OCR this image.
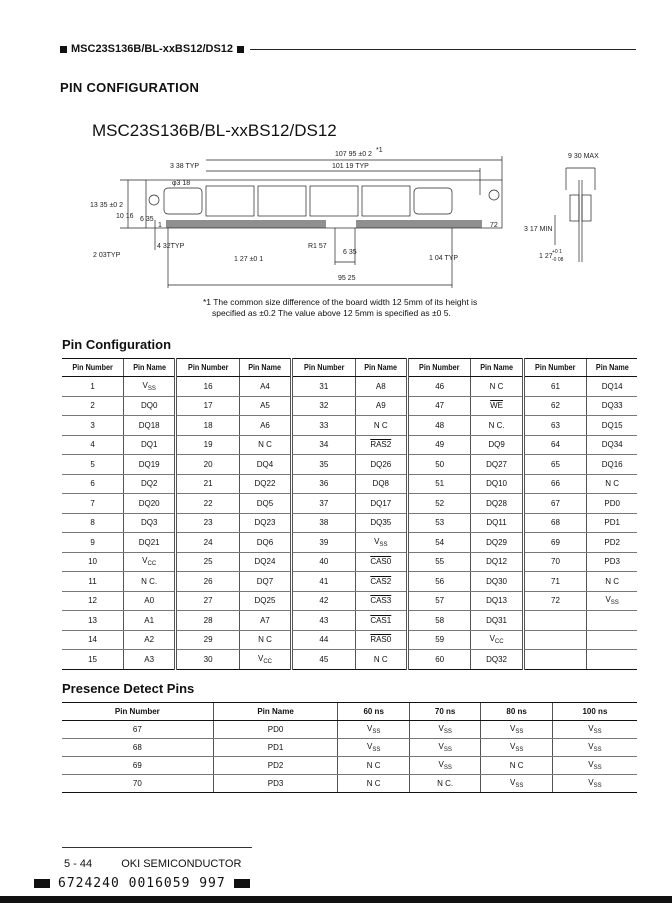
MSC23S136B/BL-xxBS12/DS12
PIN CONFIGURATION
MSC23S136B/BL-xxBS12/DS12
107 95 ±0 2
*1
101 19 TYP
3 38 TYP
φ3 18
13 35 ±0 2
10 16 6 35
1	72
2 03TYP
4 32TYP
1 27 ±0 1
R1 57
6 35
1 04 TYP
95 25
9 30 MAX
3 17 MIN
1 27
+0 1
-0 08
*1 The common size difference of the board width 12 5mm of its height is
specified as ±0.2 The value above 12 5mm is specified as ±0 5.
Pin Configuration
Pin Number	Pin Name	Pin Number	Pin Name	Pin Number	Pin Name	Pin Number	Pin Name	Pin Number	Pin Name
1	$V_{SS}$	16	A4	31	A8	46	N C	61	DQ14
2	DQ0	17	A5	32	A9	47	$\overline{WE}$	62	DQ33
3	DQ18	18	A6	33	N C	48	N C.	63	DQ15
4	DQ1	19	N C	34	RAS2	49	DQ9	64	DQ34
5	DQ19	20	DQ4	35	DQ26	50	DQ27	65	DQ16
6	DQ2	21	DQ22	36	DQ8	51	DQ10	66	N C
7	DQ20	22	DQ5	37	DQ17	52	DQ28	67	PD0
8	DQ3	23	DQ23	38	DQ35	53	DQ11	68	PD1
9	DQ21	24	DQ6	39	$V_{SS}$	54	DQ29	69	PD2
10	$V_{CC}$	25	DQ24	40	CAS0	55	DQ12	70	PD3
11	N C.	26	DQ7	41	CAS2	56	DQ30	71	N C
12	A0	27	DQ25	42	CAS3	57	DQ13	72	$V_{SS}$
13	A1	28	A7	43	CAS1	58	DQ31		
14	A2	29	N C	44	RAS0	59	$V_{CC}$		
15	A3	30	$V_{CC}$	45	N C	60	DQ32		
Presence Detect Pins
Pin Number	Pin Name	60 ns	70 ns	80 ns	100 ns
67	PD0	$V_{SS}$	$V_{SS}$	$V_{SS}$	$V_{SS}$
68	PD1	$V_{SS}$	$V_{SS}$	$V_{SS}$	$V_{SS}$
69	PD2	N C	$V_{SS}$	N C	$V_{SS}$
70	PD3	N C	N C.	$V_{SS}$	$V_{SS}$
5 - 44	OKI SEMICONDUCTOR
6724240 0016059 997
